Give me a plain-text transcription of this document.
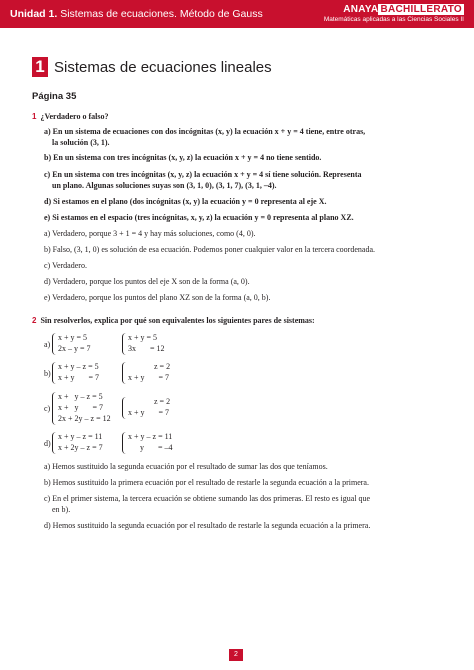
Unidad 1. Sistemas de ecuaciones. Método de Gauss	ANAYA BACHILLERATO
Matemáticas aplicadas a las Ciencias Sociales II
1 Sistemas de ecuaciones lineales
Página 35
1 ¿Verdadero o falso?
a) En un sistema de ecuaciones con dos incógnitas (x, y) la ecuación x + y = 4 tiene, entre otras,
la solución (3, 1).
b) En un sistema con tres incógnitas (x, y, z) la ecuación x + y = 4 no tiene sentido.
c) En un sistema con tres incógnitas (x, y, z) la ecuación x + y = 4 sí tiene solución. Representa
un plano. Algunas soluciones suyas son (3, 1, 0), (3, 1, 7), (3, 1, –4).
d) Si estamos en el plano (dos incógnitas (x, y) la ecuación y = 0 representa al eje X.
e) Si estamos en el espacio (tres incógnitas, x, y, z) la ecuación y = 0 representa al plano XZ.
a) Verdadero, porque 3 + 1 = 4 y hay más soluciones, como (4, 0).
b) Falso, (3, 1, 0) es solución de esa ecuación. Podemos poner cualquier valor en la tercera coordenada.
c) Verdadero.
d) Verdadero, porque los puntos del eje X son de la forma (a, 0).
e) Verdadero, porque los puntos del plano XZ son de la forma (a, 0, b).
2 Sin resolverlos, explica por qué son equivalentes los siguientes pares de sistemas:
a)
x + y = 5
2x – y = 7
x + y = 5
3x       = 12
b)
x + y – z = 5
x + y       = 7
z = 2
x + y       = 7
c)
x +   y – z = 5
x +   y       = 7
2x + 2y – z = 12
z = 2
x + y       = 7
d)
x + y – z = 11
x + 2y – z = 7
x + y – z = 11
y       = –4
a) Hemos sustituido la segunda ecuación por el resultado de sumar las dos que teníamos.
b) Hemos sustituido la primera ecuación por el resultado de restarle la segunda ecuación a la primera.
c) En el primer sistema, la tercera ecuación se obtiene sumando las dos primeras. El resto es igual que
en b).
d) Hemos sustituido la segunda ecuación por el resultado de restarle la segunda ecuación a la primera.
2
